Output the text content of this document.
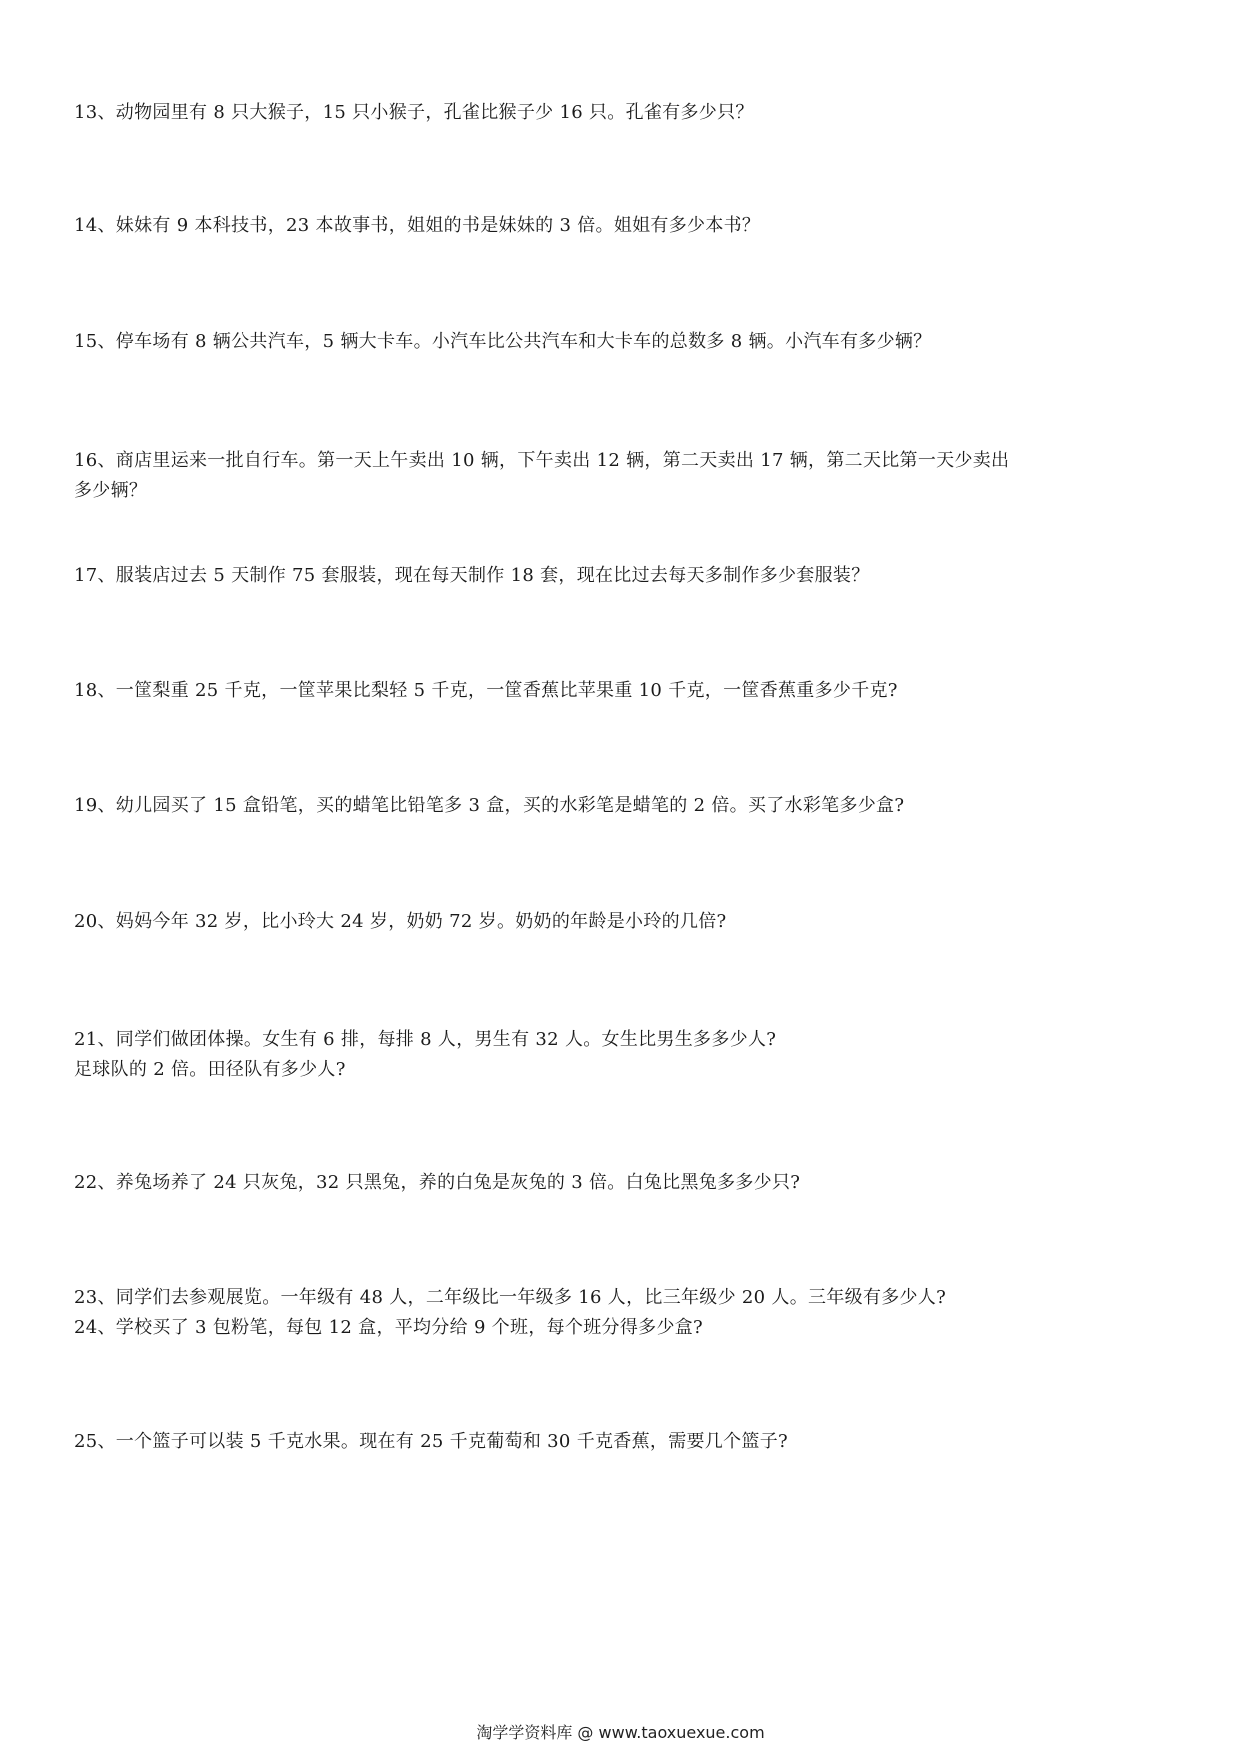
13、动物园里有 8 只大猴子，15 只小猴子，孔雀比猴子少 16 只。孔雀有多少只？
14、妹妹有 9 本科技书，23 本故事书，姐姐的书是妹妹的 3 倍。姐姐有多少本书？
15、停车场有 8 辆公共汽车，5 辆大卡车。小汽车比公共汽车和大卡车的总数多 8 辆。小汽车有多少辆？
16、商店里运来一批自行车。第一天上午卖出 10 辆，下午卖出 12 辆，第二天卖出 17 辆，第二天比第一天少卖出
多少辆？
17、服装店过去 5 天制作 75 套服装，现在每天制作 18 套，现在比过去每天多制作多少套服装？
18、一筐梨重 25 千克，一筐苹果比梨轻 5 千克，一筐香蕉比苹果重 10 千克，一筐香蕉重多少千克?
19、幼儿园买了 15 盒铅笔，买的蜡笔比铅笔多 3 盒，买的水彩笔是蜡笔的 2 倍。买了水彩笔多少盒?
20、妈妈今年 32 岁，比小玲大 24 岁，奶奶 72 岁。奶奶的年龄是小玲的几倍?
21、同学们做团体操。女生有 6 排，每排 8 人，男生有 32 人。女生比男生多多少人?
足球队的 2 倍。田径队有多少人?
22、养兔场养了 24 只灰兔，32 只黑兔，养的白兔是灰兔的 3 倍。白兔比黑兔多多少只?
23、同学们去参观展览。一年级有 48 人，二年级比一年级多 16 人，比三年级少 20 人。三年级有多少人?
24、学校买了 3 包粉笔，每包 12 盒，平均分给 9 个班，每个班分得多少盒?
25、一个篮子可以装 5 千克水果。现在有 25 千克葡萄和 30 千克香蕉，需要几个篮子?
淘学学资料库 @ www.taoxuexue.com
